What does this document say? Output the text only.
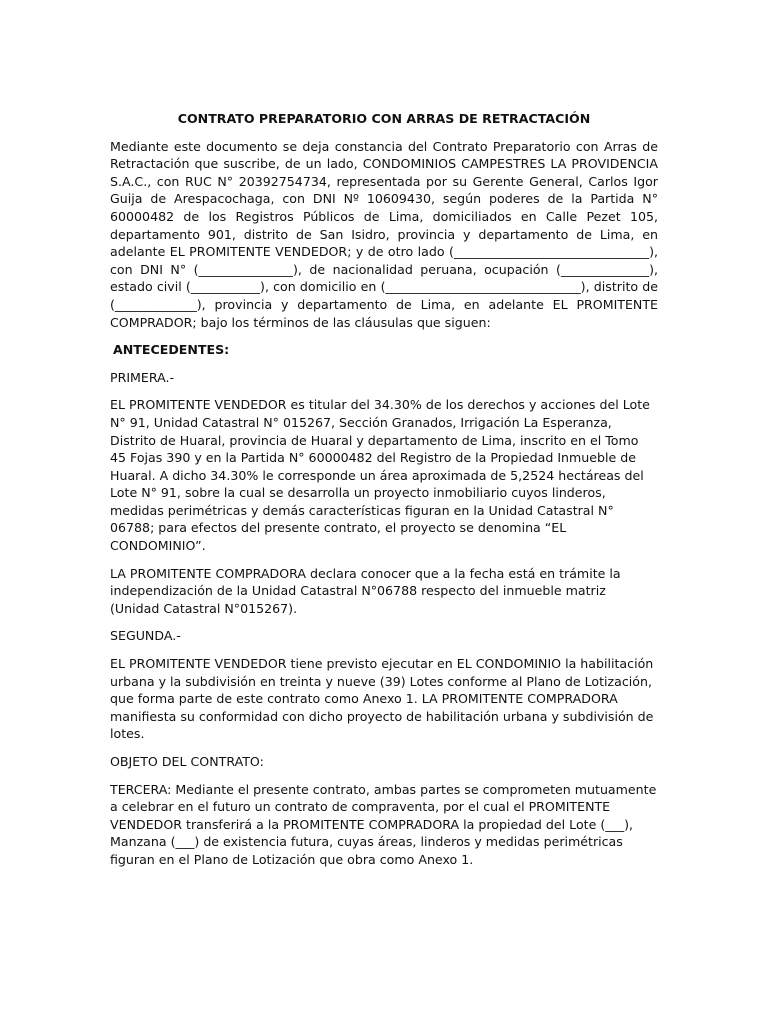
CONTRATO PREPARATORIO CON ARRAS DE RETRACTACIÓN

Mediante este documento se deja constancia del Contrato Preparatorio con Arras de Retractación que suscribe, de un lado, CONDOMINIOS CAMPESTRES LA PROVIDENCIA S.A.C., con RUC N° 20392754734, representada por su Gerente General, Carlos Igor Guija de Arespacochaga, con DNI Nº 10609430, según poderes de la Partida N° 60000482 de los Registros Públicos de Lima, domiciliados en Calle Pezet 105, departamento 901, distrito de San Isidro, provincia y departamento de Lima, en adelante EL PROMITENTE VENDEDOR; y de otro lado (_______________________________), con DNI N° (_______________), de nacionalidad peruana, ocupación (______________), estado civil (___________), con domicilio en (_______________________________), distrito de (_____________), provincia y departamento de Lima, en adelante EL PROMITENTE COMPRADOR; bajo los términos de las cláusulas que siguen:

ANTECEDENTES:

PRIMERA.-

EL PROMITENTE VENDEDOR es titular del 34.30% de los derechos y acciones del Lote N° 91, Unidad Catastral N° 015267, Sección Granados, Irrigación La Esperanza, Distrito de Huaral, provincia de Huaral y departamento de Lima, inscrito en el Tomo 45 Fojas 390 y en la Partida N° 60000482 del Registro de la Propiedad Inmueble de Huaral. A dicho 34.30% le corresponde un área aproximada de 5,2524 hectáreas del Lote N° 91, sobre la cual se desarrolla un proyecto inmobiliario cuyos linderos, medidas perimétricas y demás características figuran en la Unidad Catastral N° 06788; para efectos del presente contrato, el proyecto se denomina “EL CONDOMINIO”.

LA PROMITENTE COMPRADORA declara conocer que a la fecha está en trámite la independización de la Unidad Catastral N°06788 respecto del inmueble matriz (Unidad Catastral N°015267).

SEGUNDA.-

EL PROMITENTE VENDEDOR tiene previsto ejecutar en EL CONDOMINIO la habilitación urbana y la subdivisión en treinta y nueve (39) Lotes conforme al Plano de Lotización, que forma parte de este contrato como Anexo 1. LA PROMITENTE COMPRADORA manifiesta su conformidad con dicho proyecto de habilitación urbana y subdivisión de lotes.

OBJETO DEL CONTRATO:

TERCERA: Mediante el presente contrato, ambas partes se comprometen mutuamente a celebrar en el futuro un contrato de compraventa, por el cual el PROMITENTE VENDEDOR transferirá a la PROMITENTE COMPRADORA la propiedad del Lote (___), Manzana (___) de existencia futura, cuyas áreas, linderos y medidas perimétricas figuran en el Plano de Lotización que obra como Anexo 1.
